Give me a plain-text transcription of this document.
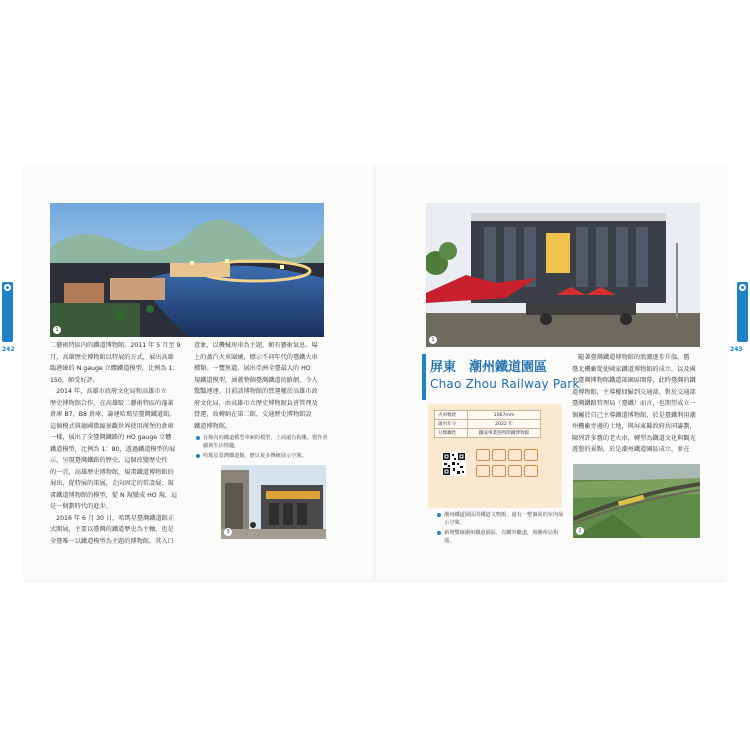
242	243
1
二藝術特區內的鐵道博物館。2011 年 5 月至 9
月，高雄歷史博物館以特展的方式，展出高雄
臨港線的 N gauge 立體鐵道模型，比例為 1：
150，頗受好評。
　2014 年，高雄市政府文化局和高雄市立
歷史博物館合作，在高雄駁二藝術特區的蓬萊
倉庫 B7、B8 倉庫，籌建哈瑪星臺灣鐵道館。
這個模式與德國微縮景觀世界使用漢堡的倉庫
一樣，展出了全臺灣鐵路的 HO gauge 立體
鐵道模型，比例為 1：80，透過鐵道模型的展
示，呈現臺灣鐵路的歷史。這個改變歷史性
的一頁，高雄歷史博物館，規畫鐵道博物館的
展出，從特展的策展，走向固定的常設展；規
畫鐵道博物館的模型，從 N 規變成 HO 規，這
是一個劃時代的進步。
　2016 年 6 月 30 日，哈瑪星臺灣鐵道館正
式開展，主要以臺灣的鐵道歷史為主軸，也是
全臺唯一以鐵道模型為主題的博物館。其入口
意象，以機械房車為主題，頗有藝術氣息。場
上的蒸汽火車圍繞，標示不同年代的臺鐵火車
種類。一覽無遺，展出亞洲全臺最大的 HO
規鐵道模型，涵蓋整個臺灣鐵道的路網，令人
驚豔連連。目前該博物館的營運權於高雄市政
府文化局，由高雄市立歷史博物館負責管理及
營運，故轉納在第二館，交通歷史博物館設
鐵道博物館。
在館內的鐵道模型車廂的模型，上面還有狗雕，製作者顯與生活情趣。
哈瑪星臺灣鐵道館，歷以夏多傳統展示空間。
3
1
屏東　潮州鐵道園區
Chao Zhou Railway Park
火車軌距	1067mm
啟用年分	2022 年
分類屬性	鐵道事業園所附鐵博物館
潮州鐵道園區的鐵道文物館，還有一整個展的室內展示空間。
新增雙線潮州鐵道園區，有聯外繼道，與潮州站相通。
　隨著臺灣鐵道博物館的浪潮逐步升溫，舊
臺北機廠從使國家鐵道博物館的成立，以及國
立臺灣博物館鐵道部園區開幕，此時臺灣的鐵
道博物館，主導權回歸到交通部。對於交通部
臺灣鐵路管理局（臺鐵）而言，也期望成立一
個屬於自己主導鐵道博物館，於是臺鐵利用潮
州機廠旁邊的土地，與屏東縣政府共同籌劃，
陳列許多舊的老火車，轉型為鐵道文化與觀光
遊憩的景點，於是潮州鐵道園區成立，並在
2
